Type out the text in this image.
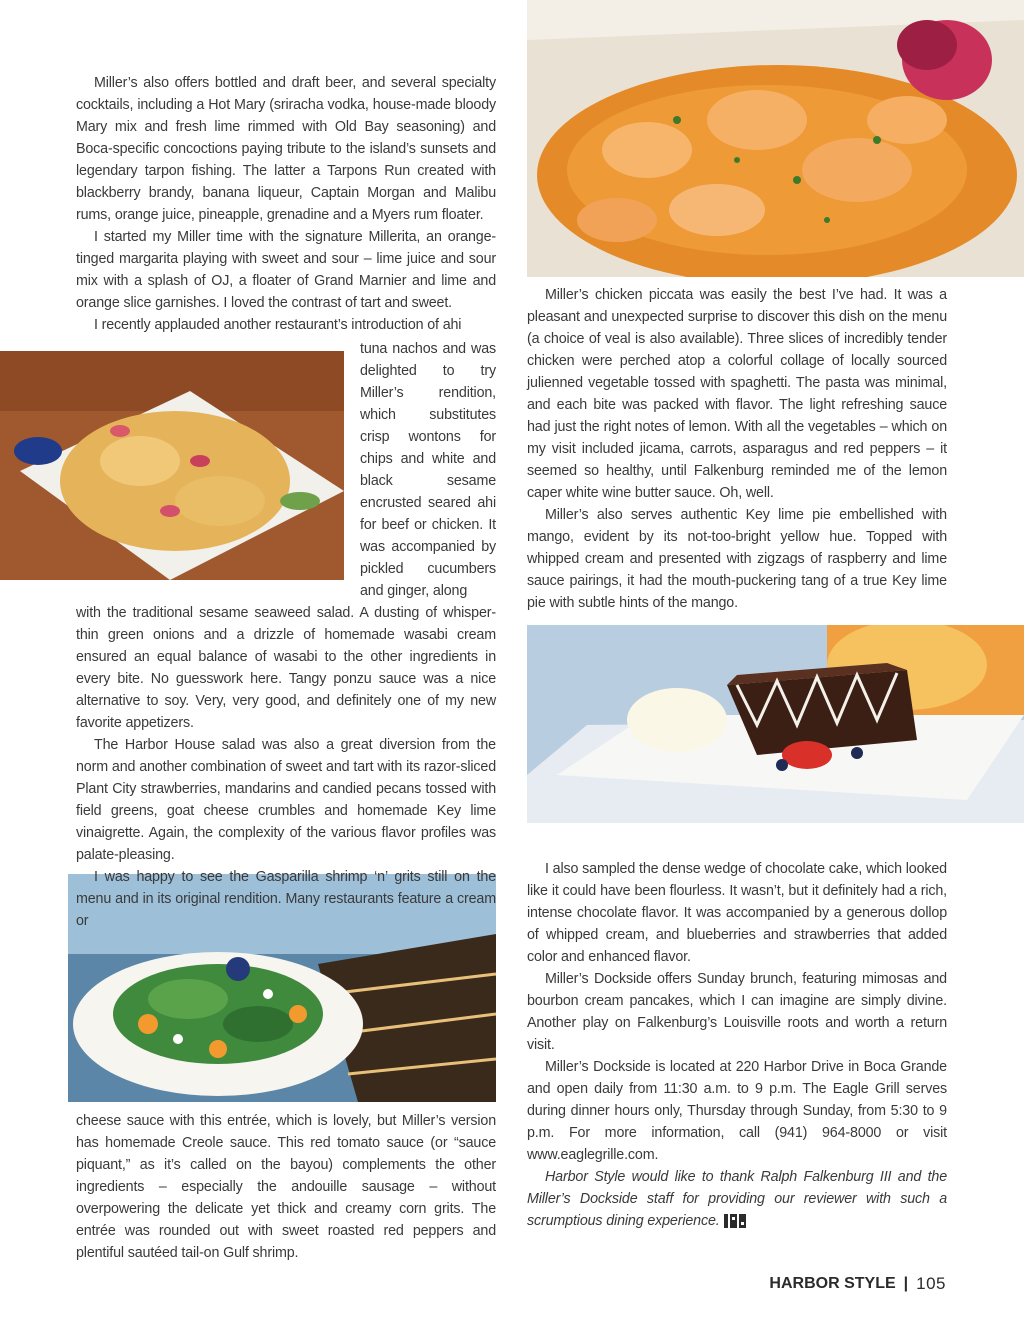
Miller’s also offers bottled and draft beer, and several specialty cocktails, including a Hot Mary (sriracha vodka, house-made bloody Mary mix and fresh lime rimmed with Old Bay seasoning) and Boca-specific concoctions paying tribute to the island’s sunsets and legendary tarpon fishing. The latter a Tarpons Run created with blackberry brandy, banana liqueur, Captain Morgan and Malibu rums, orange juice, pineapple, grenadine and a Myers rum floater.

I started my Miller time with the signature Millerita, an orange-tinged margarita playing with sweet and sour – lime juice and sour mix with a splash of OJ, a floater of Grand Marnier and lime and orange slice garnishes. I loved the contrast of tart and sweet.

I recently applauded another restaurant’s introduction of ahi

tuna nachos and was delighted to try Miller’s rendition, which substitutes crisp wontons for chips and white and black sesame encrusted seared ahi for beef or chicken. It was accompanied by pickled cucumbers and ginger, along

with the traditional sesame seaweed salad. A dusting of whisper-thin green onions and a drizzle of homemade wasabi cream ensured an equal balance of wasabi to the other ingredients in every bite. No guesswork here. Tangy ponzu sauce was a nice alternative to soy. Very, very good, and definitely one of my new favorite appetizers.

The Harbor House salad was also a great diversion from the norm and another combination of sweet and tart with its razor-sliced Plant City strawberries, mandarins and candied pecans tossed with field greens, goat cheese crumbles and homemade Key lime vinaigrette. Again, the complexity of the various flavor profiles was palate-pleasing.

I was happy to see the Gasparilla shrimp ‘n’ grits still on the menu and in its original rendition. Many restaurants feature a cream or

cheese sauce with this entrée, which is lovely, but Miller’s version has homemade Creole sauce. This red tomato sauce (or “sauce piquant,” as it’s called on the bayou) complements the other ingredients – especially the andouille sausage – without overpowering the delicate yet thick and creamy corn grits. The entrée was rounded out with sweet roasted red peppers and plentiful sautéed tail-on Gulf shrimp.

Miller’s chicken piccata was easily the best I’ve had. It was a pleasant and unexpected surprise to discover this dish on the menu (a choice of veal is also available). Three slices of incredibly tender chicken were perched atop a colorful collage of locally sourced julienned vegetable tossed with spaghetti. The pasta was minimal, and each bite was packed with flavor. The light refreshing sauce had just the right notes of lemon. With all the vegetables – which on my visit included jicama, carrots, asparagus and red peppers – it seemed so healthy, until Falkenburg reminded me of the lemon caper white wine butter sauce. Oh, well.

Miller’s also serves authentic Key lime pie embellished with mango, evident by its not-too-bright yellow hue. Topped with whipped cream and presented with zigzags of raspberry and lime sauce pairings, it had the mouth-puckering tang of a true Key lime pie with subtle hints of the mango.

I also sampled the dense wedge of chocolate cake, which looked like it could have been flourless. It wasn’t, but it definitely had a rich, intense chocolate flavor. It was accompanied by a generous dollop of whipped cream, and blueberries and strawberries that added color and enhanced flavor.

Miller’s Dockside offers Sunday brunch, featuring mimosas and bourbon cream pancakes, which I can imagine are simply divine. Another play on Falkenburg’s Louisville roots and worth a return visit.

Miller’s Dockside is located at 220 Harbor Drive in Boca Grande and open daily from 11:30 a.m. to 9 p.m. The Eagle Grill serves during dinner hours only, Thursday through Sunday, from 5:30 to 9 p.m. For more information, call (941) 964-8000 or visit www.eaglegrille.com.

Harbor Style would like to thank Ralph Falkenburg III and the Miller’s Dockside staff for providing our reviewer with such a scrumptious dining experience.

HARBOR STYLE | 105
